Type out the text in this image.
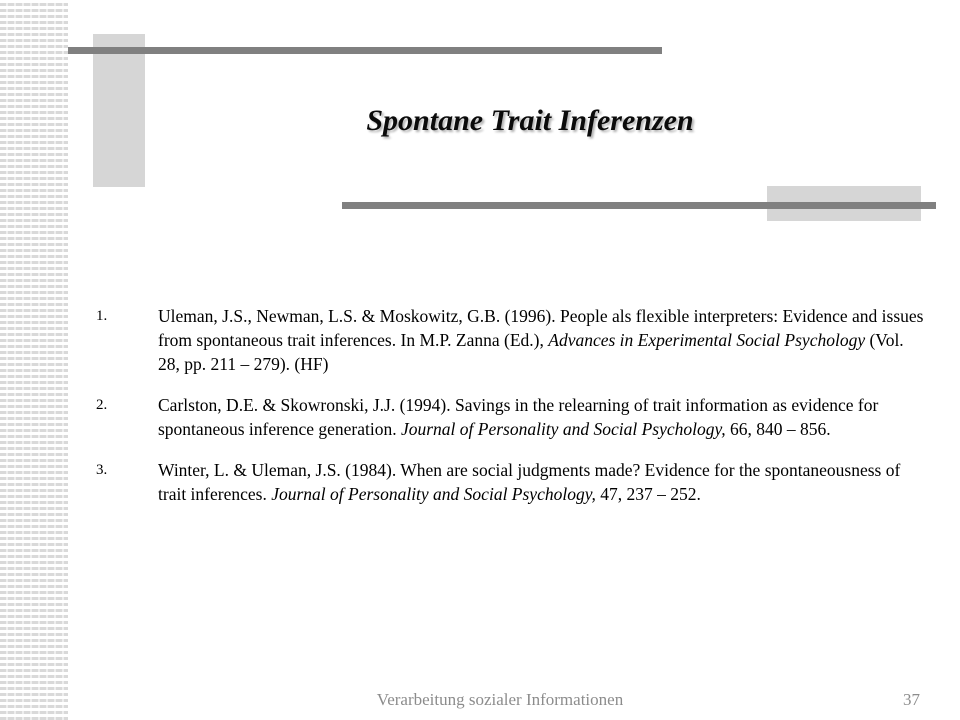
Spontane Trait Inferenzen
1.	Uleman, J.S., Newman, L.S. & Moskowitz, G.B. (1996). People als flexible interpreters: Evidence and issues from spontaneous trait inferences. In M.P. Zanna (Ed.), Advances in Experimental Social Psychology (Vol. 28, pp. 211 – 279). (HF)
2.	Carlston, D.E. & Skowronski, J.J. (1994). Savings in the relearning of trait information as evidence for spontaneous inference generation. Journal of Personality and Social Psychology, 66, 840 – 856.
3.	Winter, L. & Uleman, J.S. (1984). When are social judgments made? Evidence for the spontaneousness of trait inferences. Journal of Personality and Social Psychology, 47, 237 – 252.
Verarbeitung sozialer Informationen	37
